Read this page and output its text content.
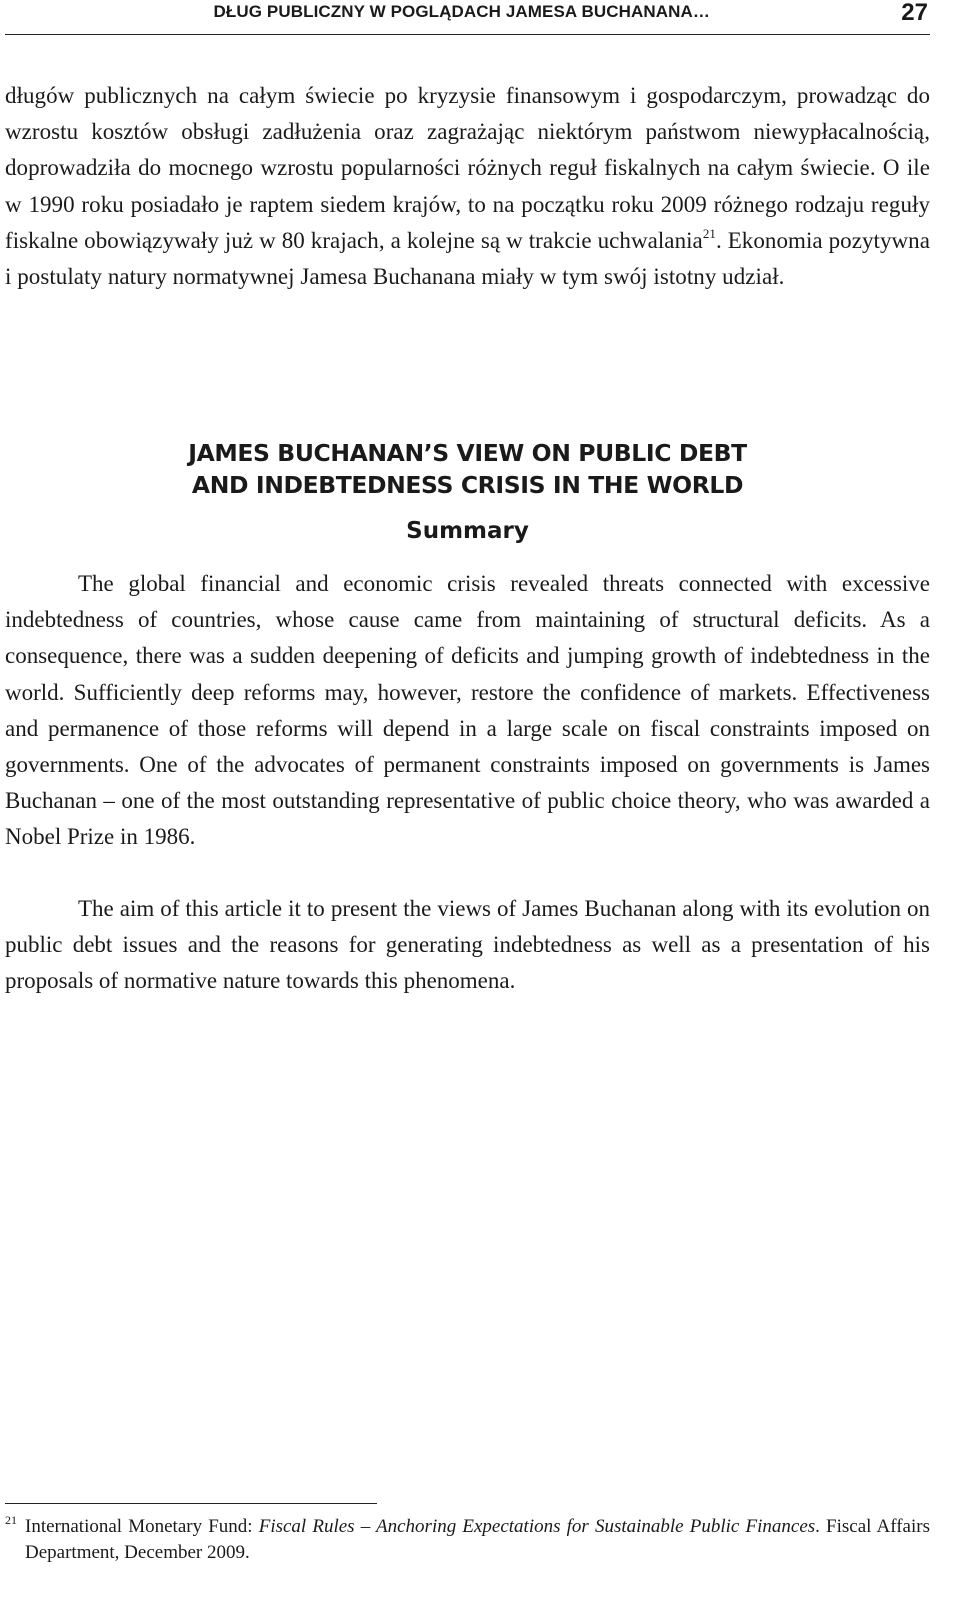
DŁUG PUBLICZNY W POGLĄDACH JAMESA BUCHANANA…	27

długów publicznych na całym świecie po kryzysie finansowym i gospodarczym, prowadząc do wzrostu kosztów obsługi zadłużenia oraz zagrażając niektórym państwom niewypłacalnością, doprowadziła do mocnego wzrostu popularności różnych reguł fiskalnych na całym świecie. O ile w 1990 roku posiadało je raptem siedem krajów, to na początku roku 2009 różnego rodzaju reguły fiskalne obowiązywały już w 80 krajach, a kolejne są w trakcie uchwalania$^{21}$. Ekonomia pozytywna i postulaty natury normatywnej Jamesa Buchanana miały w tym swój istotny udział.

JAMES BUCHANAN’S VIEW ON PUBLIC DEBT
AND INDEBTEDNESS CRISIS IN THE WORLD
Summary

The global financial and economic crisis revealed threats connected with excessive indebtedness of countries, whose cause came from maintaining of structural deficits. As a consequence, there was a sudden deepening of deficits and jumping growth of indebtedness in the world. Sufficiently deep reforms may, however, restore the confidence of markets. Effectiveness and permanence of those reforms will depend in a large scale on fiscal constraints imposed on governments. One of the advocates of permanent constraints imposed on governments is James Buchanan – one of the most outstanding representative of public choice theory, who was awarded a Nobel Prize in 1986.

The aim of this article it to present the views of James Buchanan along with its evolution on public debt issues and the reasons for generating indebtedness as well as a presentation of his proposals of normative nature towards this phenomena.

$^{21}$ International Monetary Fund: Fiscal Rules – Anchoring Expectations for Sustainable Public Finances. Fiscal Affairs Department, December 2009.
